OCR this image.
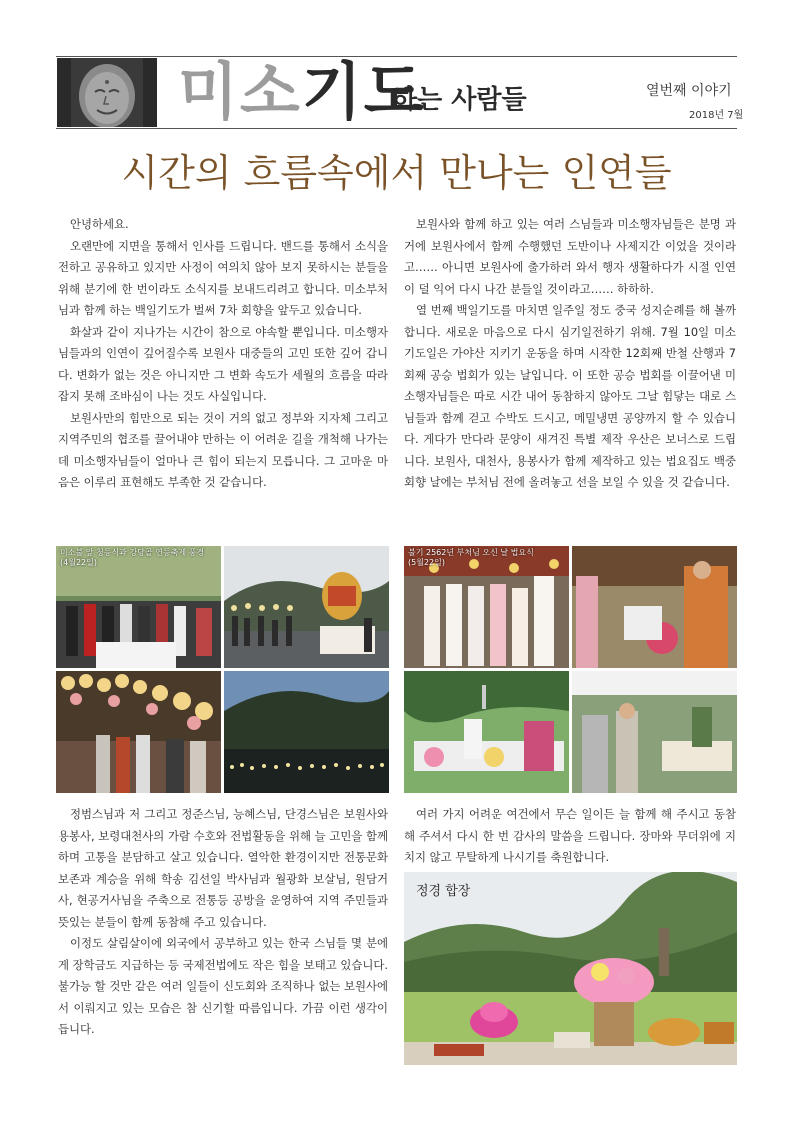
미소기도
하는 사람들	열번째 이야기
2018년 7월
시간의 흐름속에서 만나는 인연들

안녕하세요.

오랜만에 지면을 통해서 인사를 드립니다. 밴드를 통해서 소식을 전하고 공유하고 있지만 사정이 여의치 않아 보지 못하시는 분들을 위해 분기에 한 번이라도 소식지를 보내드리려고 합니다. 미소부처님과 함께 하는 백일기도가 벌써 7차 회향을 앞두고 있습니다.

화살과 같이 지나가는 시간이 참으로 야속할 뿐입니다. 미소행자님들과의 인연이 깊어질수록 보원사 대중들의 고민 또한 깊어 갑니다. 변화가 없는 것은 아니지만 그 변화 속도가 세월의 흐름을 따라잡지 못해 조바심이 나는 것도 사실입니다.

보원사만의 힘만으로 되는 것이 거의 없고 정부와 지자체 그리고 지역주민의 협조를 끌어내야 만하는 이 어려운 길을 개척해 나가는데 미소행자님들이 얼마나 큰 힘이 되는지 모릅니다. 그 고마운 마음은 이루리 표현해도 부족한 것 같습니다.

보원사와 함께 하고 있는 여러 스님들과 미소행자님들은 분명 과거에 보원사에서 함께 수행했던 도반이나 사제지간 이었을 것이라고…… 아니면 보원사에 출가하러 와서 행자 생활하다가 시절 인연이 덜 익어 다시 나간 분들일 것이라고…… 하하하.

열 번째 백일기도를 마치면 일주일 정도 중국 성지순례를 해 볼까 합니다. 새로운 마음으로 다시 심기일전하기 위해. 7월 10일 미소기도일은 가야산 지키기 운동을 하며 시작한 12회째 반철 산행과 7회째 공승 법회가 있는 날입니다. 이 또한 공승 법회를 이끌어낸 미소행자님들은 따로 시간 내어 동참하지 않아도 그날 힘닿는 대로 스님들과 함께 걷고 수박도 드시고, 메밀냉면 공양까지 할 수 있습니다. 게다가 만다라 문양이 새겨진 특별 제작 우산은 보너스로 드립니다. 보원사, 대천사, 용봉사가 함께 제작하고 있는 법요집도 백중회향 날에는 부처님 전에 올려놓고 선을 보일 수 있을 것 같습니다.

미소불 앞 청등식과 강당골 연등축제 풍경
(4월22일)
불기 2562년 부처님 오신 날 법요식
(5월22일)

정범스님과 저 그리고 정준스님, 능혜스님, 단경스님은 보원사와 용봉사, 보령대천사의 가람 수호와 전법활동을 위해 늘 고민을 함께하며 고통을 분담하고 살고 있습니다. 열악한 환경이지만 전통문화 보존과 계승을 위해 학송 김선일 박사님과 월광화 보살님, 원담거사, 현공거사님을 주축으로 전통등 공방을 운영하여 지역 주민들과 뜻있는 분들이 함께 동참해 주고 있습니다.

이정도 살림살이에 외국에서 공부하고 있는 한국 스님들 몇 분에게 장학금도 지급하는 등 국제전법에도 작은 힘을 보태고 있습니다. 불가능 할 것만 같은 여러 일들이 신도회와 조직하나 없는 보원사에서 이뤄지고 있는 모습은 참 신기할 따름입니다. 가끔 이런 생각이 듭니다.

여러 가지 어려운 여건에서 무슨 일이든 늘 함께 해 주시고 동참해 주셔서 다시 한 번 감사의 말씀을 드립니다. 장마와 무더위에 지치지 않고 무탈하게 나시기를 축원합니다.

정경 합장
